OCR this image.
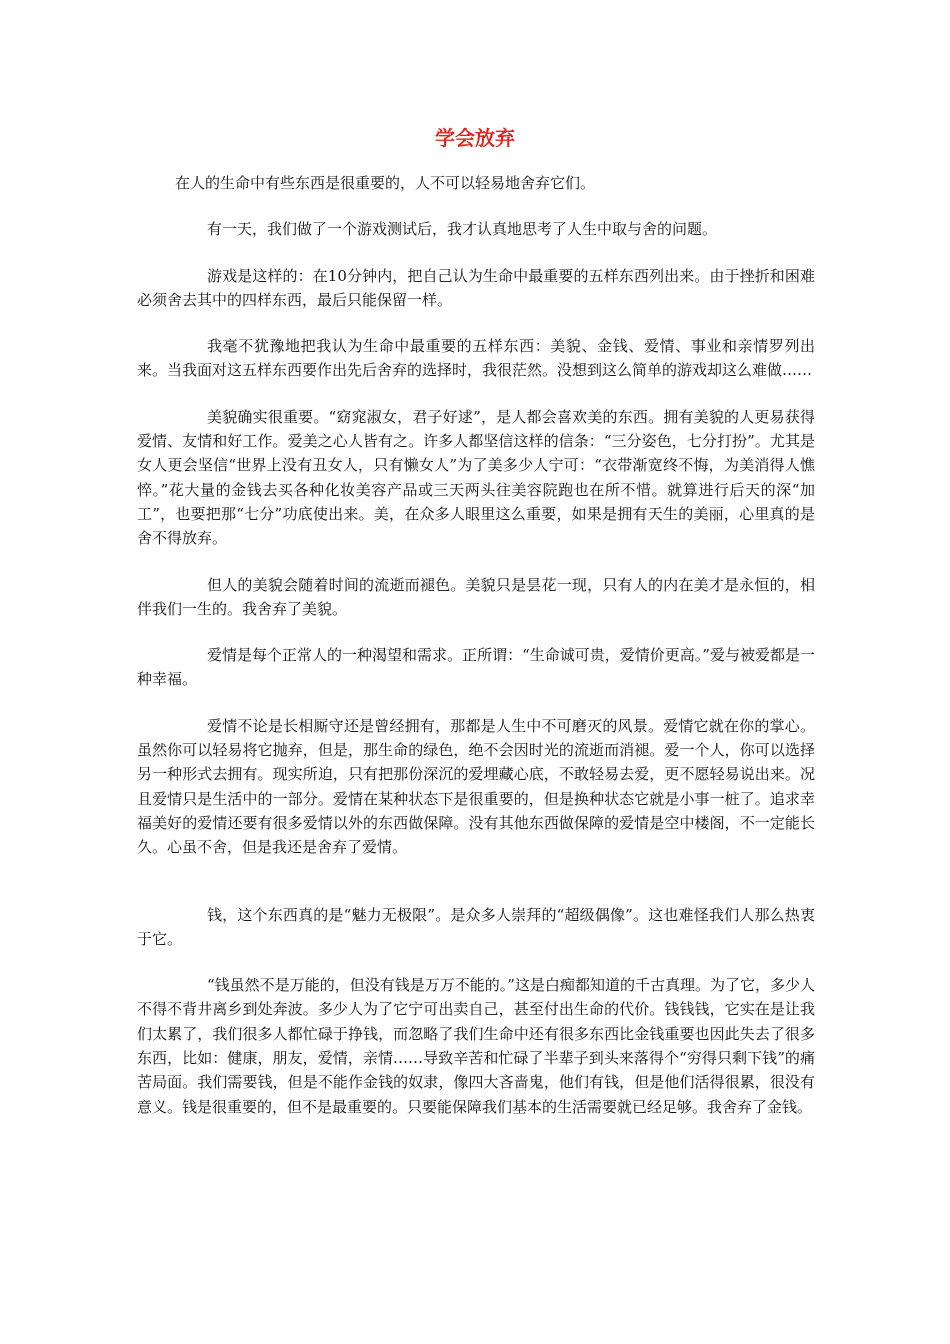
学会放弃

在人的生命中有些东西是很重要的，人不可以轻易地舍弃它们。

有一天，我们做了一个游戏测试后，我才认真地思考了人生中取与舍的问题。

游戏是这样的：在10分钟内，把自己认为生命中最重要的五样东西列出来。由于挫折和困难必须舍去其中的四样东西，最后只能保留一样。

我毫不犹豫地把我认为生命中最重要的五样东西：美貌、金钱、爱情、事业和亲情罗列出来。当我面对这五样东西要作出先后舍弃的选择时，我很茫然。没想到这么简单的游戏却这么难做……

美貌确实很重要。“窈窕淑女，君子好逑”，是人都会喜欢美的东西。拥有美貌的人更易获得爱情、友情和好工作。爱美之心人皆有之。许多人都坚信这样的信条：“三分姿色，七分打扮”。尤其是女人更会坚信“世界上没有丑女人，只有懒女人”为了美多少人宁可：“衣带渐宽终不悔，为美消得人憔悴。”花大量的金钱去买各种化妆美容产品或三天两头往美容院跑也在所不惜。就算进行后天的深“加工”，也要把那“七分”功底使出来。美，在众多人眼里这么重要，如果是拥有天生的美丽，心里真的是舍不得放弃。

但人的美貌会随着时间的流逝而褪色。美貌只是昙花一现，只有人的内在美才是永恒的，相伴我们一生的。我舍弃了美貌。

爱情是每个正常人的一种渴望和需求。正所谓：“生命诚可贵，爱情价更高。”爱与被爱都是一种幸福。

爱情不论是长相厮守还是曾经拥有，那都是人生中不可磨灭的风景。爱情它就在你的掌心。虽然你可以轻易将它抛弃，但是，那生命的绿色，绝不会因时光的流逝而消褪。爱一个人，你可以选择另一种形式去拥有。现实所迫，只有把那份深沉的爱埋藏心底，不敢轻易去爱，更不愿轻易说出来。况且爱情只是生活中的一部分。爱情在某种状态下是很重要的，但是换种状态它就是小事一桩了。追求幸福美好的爱情还要有很多爱情以外的东西做保障。没有其他东西做保障的爱情是空中楼阁，不一定能长久。心虽不舍，但是我还是舍弃了爱情。

钱，这个东西真的是“魅力无极限”。是众多人崇拜的“超级偶像”。这也难怪我们人那么热衷于它。

“钱虽然不是万能的，但没有钱是万万不能的。”这是白痴都知道的千古真理。为了它，多少人不得不背井离乡到处奔波。多少人为了它宁可出卖自己，甚至付出生命的代价。钱钱钱，它实在是让我们太累了，我们很多人都忙碌于挣钱，而忽略了我们生命中还有很多东西比金钱重要也因此失去了很多东西，比如：健康，朋友，爱情，亲情……导致辛苦和忙碌了半辈子到头来落得个“穷得只剩下钱”的痛苦局面。我们需要钱，但是不能作金钱的奴隶，像四大吝啬鬼，他们有钱，但是他们活得很累，很没有意义。钱是很重要的，但不是最重要的。只要能保障我们基本的生活需要就已经足够。我舍弃了金钱。
